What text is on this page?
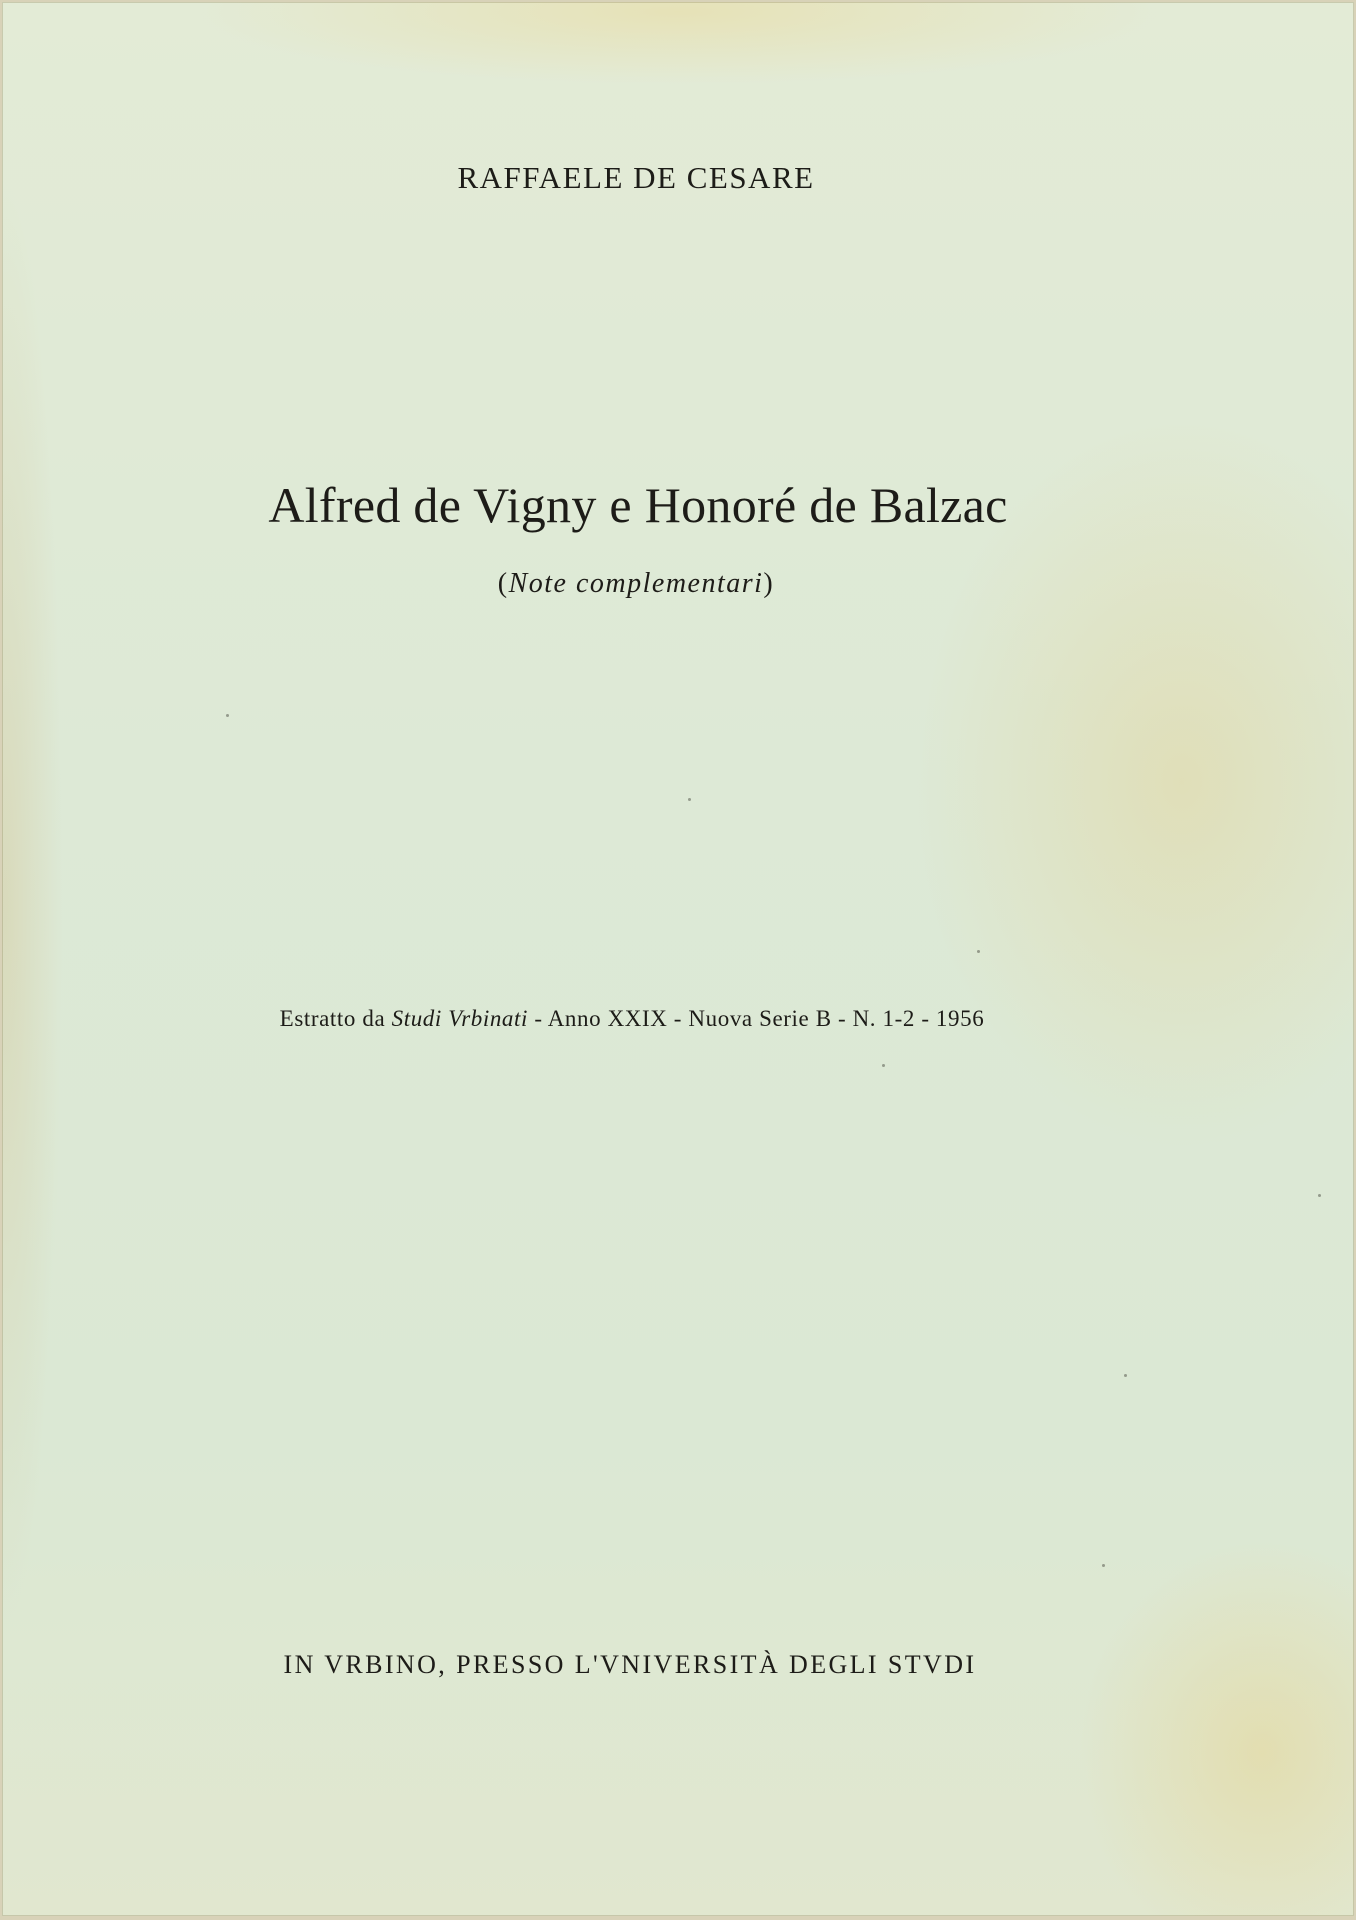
RAFFAELE DE CESARE
Alfred de Vigny e Honoré de Balzac
(Note complementari)
Estratto da Studi Vrbinati - Anno XXIX - Nuova Serie B - N. 1-2 - 1956
IN VRBINO, PRESSO L'VNIVERSITÀ DEGLI STVDI
